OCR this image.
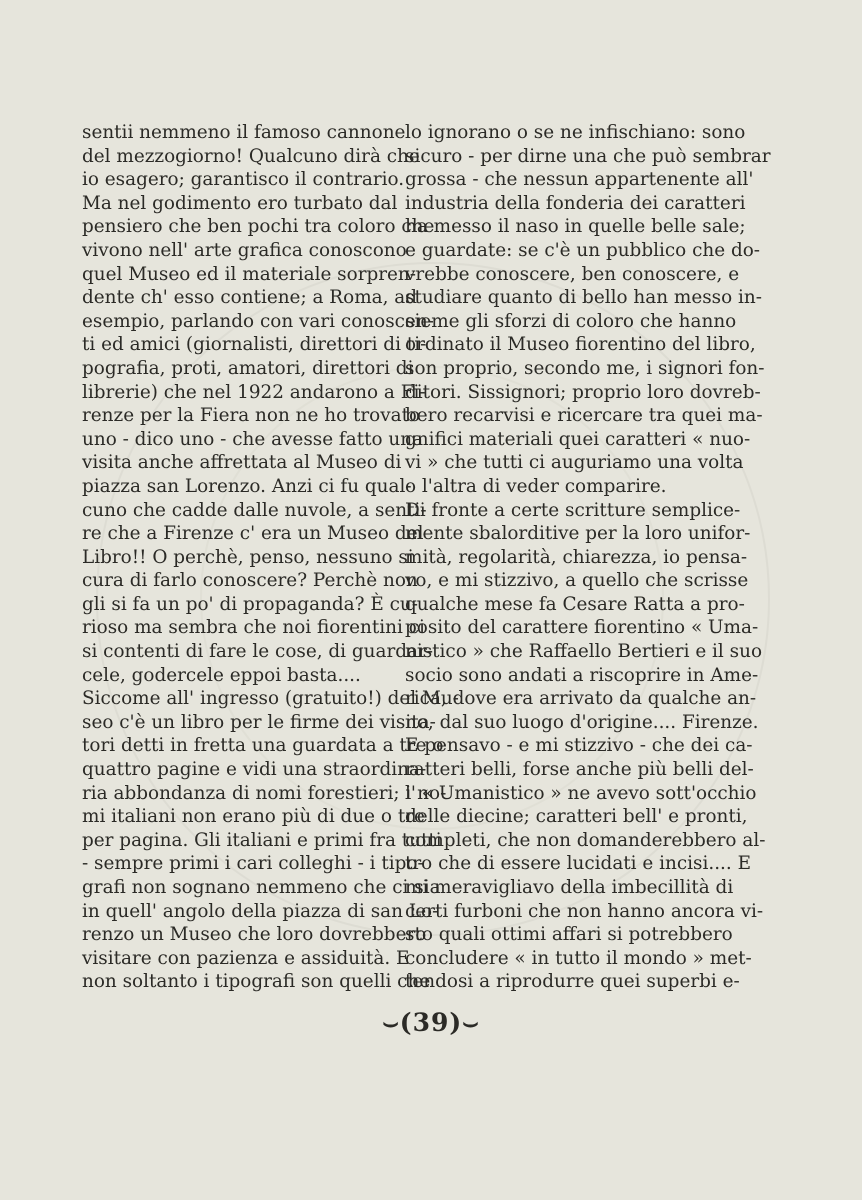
sentii nemmeno il famoso cannone
del mezzogiorno! Qualcuno dirà che
io esagero; garantisco il contrario.
Ma nel godimento ero turbato dal
pensiero che ben pochi tra coloro che
vivono nell' arte grafica conoscono
quel Museo ed il materiale sorpren-
dente ch' esso contiene; a Roma, ad
esempio, parlando con vari conoscen-
ti ed amici (giornalisti, direttori di ti-
pografia, proti, amatori, direttori di
librerie) che nel 1922 andarono a Fi-
renze per la Fiera non ne ho trovato
uno - dico uno - che avesse fatto una
visita anche affrettata al Museo di
piazza san Lorenzo. Anzi ci fu qual-
cuno che cadde dalle nuvole, a senti-
re che a Firenze c' era un Museo del
Libro!! O perchè, penso, nessuno si
cura di farlo conoscere? Perchè non
gli si fa un po' di propaganda? È cu-
rioso ma sembra che noi fiorentini ci
si contenti di fare le cose, di guardar-
cele, godercele eppoi basta....
Siccome all' ingresso (gratuito!) del Mu-
seo c'è un libro per le firme dei visita-
tori detti in fretta una guardata a tre o
quattro pagine e vidi una straordina-
ria abbondanza di nomi forestieri; i no-
mi italiani non erano più di due o tre
per pagina. Gli italiani e primi fra tutti
- sempre primi i cari colleghi - i tipo-
grafi non sognano nemmeno che ci sia
in quell' angolo della piazza di san Lo-
renzo un Museo che loro dovrebbero
visitare con pazienza e assiduità. E
non soltanto i tipografi son quelli che
lo ignorano o se ne infischiano: sono
sicuro - per dirne una che può sembrar
grossa - che nessun appartenente all'
industria della fonderia dei caratteri
ha messo il naso in quelle belle sale;
e guardate: se c'è un pubblico che do-
vrebbe conoscere, ben conoscere, e
studiare quanto di bello han messo in-
sieme gli sforzi di coloro che hanno
ordinato il Museo fiorentino del libro,
son proprio, secondo me, i signori fon-
ditori. Sissignori; proprio loro dovreb-
bero recarvisi e ricercare tra quei ma-
gnifici materiali quei caratteri « nuo-
vi » che tutti ci auguriamo una volta
o l'altra di veder comparire.
Di fronte a certe scritture semplice-
mente sbalorditive per la loro unifor-
mità, regolarità, chiarezza, io pensa-
vo, e mi stizzivo, a quello che scrisse
qualche mese fa Cesare Ratta a pro-
posito del carattere fiorentino « Uma-
nistico » che Raffaello Bertieri e il suo
socio sono andati a riscoprire in Ame-
rica, dove era arrivato da qualche an-
no, dal suo luogo d'origine.... Firenze.
E pensavo - e mi stizzivo - che dei ca-
ratteri belli, forse anche più belli del-
l' « Umanistico » ne avevo sott'occhio
delle diecine; caratteri bell' e pronti,
completi, che non domanderebbero al-
tro che di essere lucidati e incisi.... E
mi meravigliavo della imbecillità di
certi furboni che non hanno ancora vi-
sto quali ottimi affari si potrebbero
concludere « in tutto il mondo » met-
tendosi a riprodurre quei superbi e-
⌣(39)⌣
